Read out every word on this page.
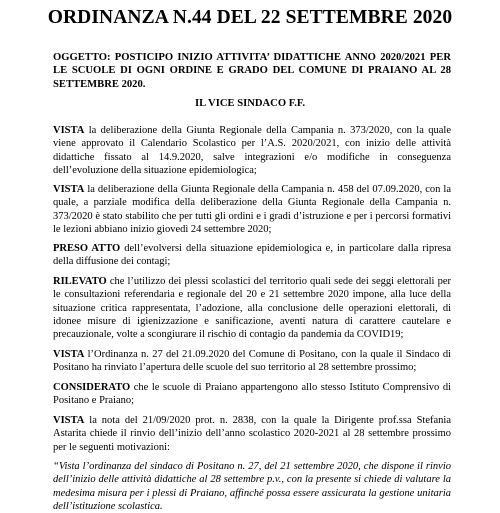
ORDINANZA N.44 DEL 22 SETTEMBRE 2020

OGGETTO: POSTICIPO INIZIO ATTIVITA’ DIDATTICHE ANNO 2020/2021 PER LE SCUOLE DI OGNI ORDINE E GRADO DEL COMUNE DI PRAIANO AL 28 SETTEMBRE 2020.

IL VICE SINDACO F.F.

VISTA la deliberazione della Giunta Regionale della Campania n. 373/2020, con la quale viene approvato il Calendario Scolastico per l’A.S. 2020/2021, con inizio delle attività didattiche fissato al 14.9.2020, salve integrazioni e/o modifiche in conseguenza dell’evoluzione della situazione epidemiologica;

VISTA la deliberazione della Giunta Regionale della Campania n. 458 del 07.09.2020, con la quale, a parziale modifica della deliberazione della Giunta Regionale della Campania n. 373/2020 è stato stabilito che per tutti gli ordini e i gradi d’istruzione e per i percorsi formativi le lezioni abbiano inizio giovedì 24 settembre 2020;

PRESO ATTO dell’evolversi della situazione epidemiologica e, in particolare dalla ripresa della diffusione dei contagi;

RILEVATO che l’utilizzo dei plessi scolastici del territorio quali sede dei seggi elettorali per le consultazioni referendaria e regionale del 20 e 21 settembre 2020 impone, alla luce della situazione critica rappresentata, l’adozione, alla conclusione delle operazioni elettorali, di idonee misure di igienizzazione e sanificazione, aventi natura di carattere cautelare e precauzionale, volte a scongiurare il rischio di contagio da pandemia da COVID19;

VISTA l’Ordinanza n. 27 del 21.09.2020 del Comune di Positano, con la quale il Sindaco di Positano ha rinviato l’apertura delle scuole del suo territorio al 28 settembre prossimo;

CONSIDERATO che le scuole di Praiano appartengono allo stesso Istituto Comprensivo di Positano e Praiano;

VISTA la nota del 21/09/2020 prot. n. 2838, con la quale la Dirigente prof.ssa Stefania Astarita chiede il rinvio dell’inizio dell’anno scolastico 2020-2021 al 28 settembre prossimo per le seguenti motivazioni:

“Vista l’ordinanza del sindaco di Positano n. 27, del 21 settembre 2020, che dispone il rinvio dell’inizio delle attività didattiche al 28 settembre p.v., con la presente si chiede di valutare la medesima misura per i plessi di Praiano, affinché possa essere assicurata la gestione unitaria dell’istituzione scolastica.
